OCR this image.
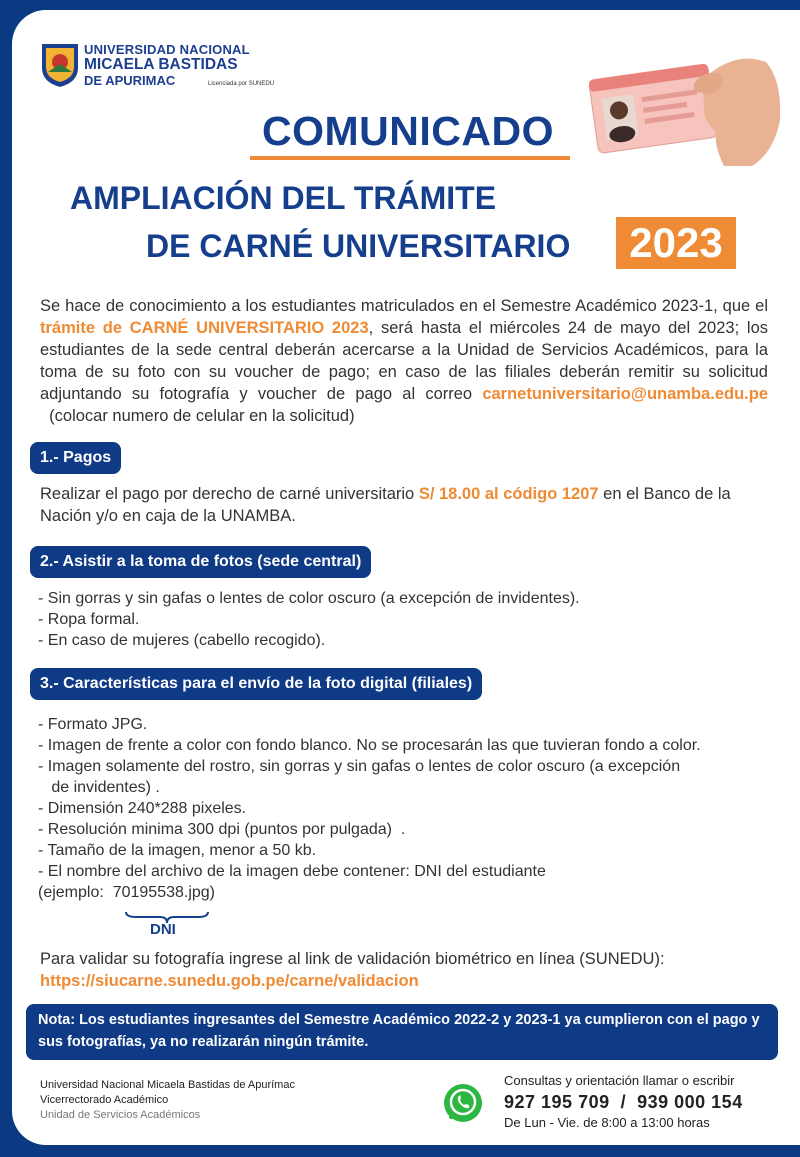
UNIVERSIDAD NACIONAL
MICAELA BASTIDAS
DE APURIMAC	Licenciada por SUNEDU
COMUNICADO
AMPLIACIÓN DEL TRÁMITE
DE CARNÉ UNIVERSITARIO	2023
Se hace de conocimiento a los estudiantes matriculados en el Semestre Académico 2023-1, que el trámite de CARNÉ UNIVERSITARIO 2023, será hasta el miércoles 24 de mayo del 2023; los estudiantes de la sede central deberán acercarse a la Unidad de Servicios Académicos, para la toma de su foto con su voucher de pago; en caso de las filiales deberán remitir su solicitud adjuntando su fotografía y voucher de pago al correo carnetuniversitario@unamba.edu.pe  (colocar numero de celular en la solicitud)
1.- Pagos
Realizar el pago por derecho de carné universitario S/ 18.00 al código 1207 en el Banco de la Nación y/o en caja de la UNAMBA.
2.- Asistir a la toma de fotos (sede central)
- Sin gorras y sin gafas o lentes de color oscuro (a excepción de invidentes).
- Ropa formal.
- En caso de mujeres (cabello recogido).
3.- Características para el envío de la foto digital (filiales)
- Formato JPG.
- Imagen de frente a color con fondo blanco. No se procesarán las que tuvieran fondo a color.
- Imagen solamente del rostro, sin gorras y sin gafas o lentes de color oscuro (a excepción
de invidentes) .
- Dimensión 240*288 pixeles.
- Resolución minima 300 dpi (puntos por pulgada)  .
- Tamaño de la imagen, menor a 50 kb.
- El nombre del archivo de la imagen debe contener: DNI del estudiante
(ejemplo:  70195538.jpg)
DNI
Para validar su fotografía ingrese al link de validación biométrico en línea (SUNEDU):
https://siucarne.sunedu.gob.pe/carne/validacion
Nota: Los estudiantes ingresantes del Semestre Académico 2022-2 y 2023-1 ya cumplieron con el pago y sus fotografías, ya no realizarán ningún trámite.
Universidad Nacional Micaela Bastidas de Apurímac
Vicerrectorado Académico
Unidad de Servicios Académicos
Consultas y orientación llamar o escribir
927 195 709  /  939 000 154
De Lun - Vie. de 8:00 a 13:00 horas
